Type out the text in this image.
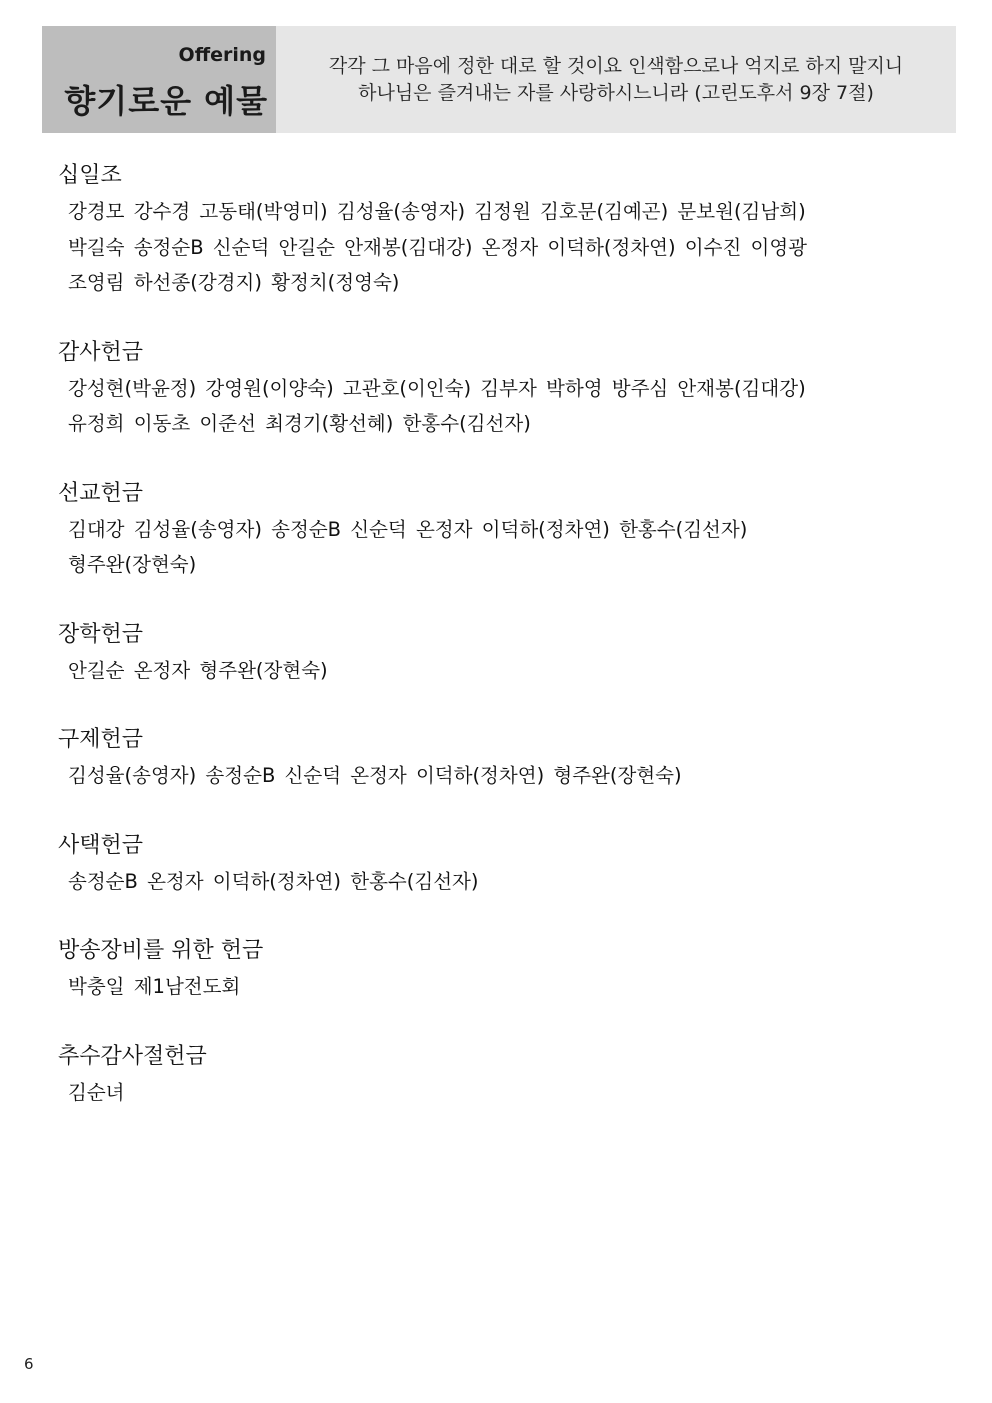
Offering
향기로운 예물
각각 그 마음에 정한 대로 할 것이요 인색함으로나 억지로 하지 말지니
하나님은 즐겨내는 자를 사랑하시느니라 (고린도후서 9장 7절)
십일조
강경모 강수경 고동태(박영미) 김성율(송영자) 김정원 김호문(김예곤) 문보원(김남희)
박길숙 송정순B 신순덕 안길순 안재봉(김대강) 온정자 이덕하(정차연) 이수진 이영광
조영림 하선종(강경지) 황정치(정영숙)
감사헌금
강성현(박윤정) 강영원(이양숙) 고관호(이인숙) 김부자 박하영 방주심 안재봉(김대강)
유정희 이동초 이준선 최경기(황선혜) 한홍수(김선자)
선교헌금
김대강 김성율(송영자) 송정순B 신순덕 온정자 이덕하(정차연) 한홍수(김선자)
형주완(장현숙)
장학헌금
안길순 온정자 형주완(장현숙)
구제헌금
김성율(송영자) 송정순B 신순덕 온정자 이덕하(정차연) 형주완(장현숙)
사택헌금
송정순B 온정자 이덕하(정차연) 한홍수(김선자)
방송장비를 위한 헌금
박충일 제1남전도회
추수감사절헌금
김순녀
6
